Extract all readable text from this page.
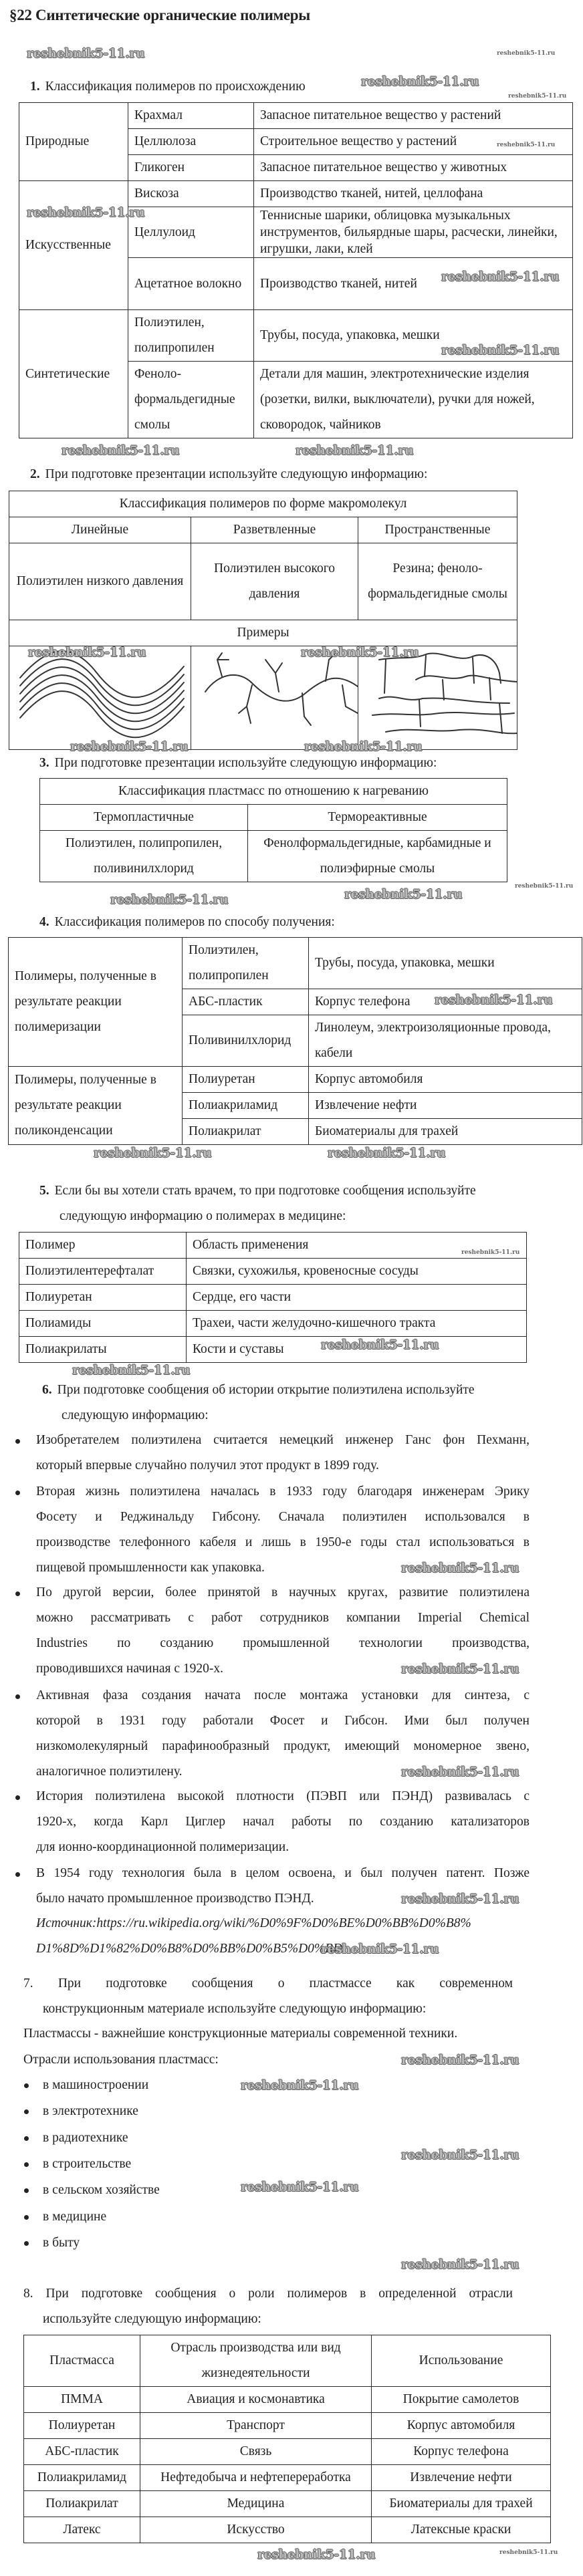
§22 Синтетические органические полимеры
1. Классификация полимеров по происхождению
Природные	Крахмал	Запасное питательное вещество у растений
	Целлюлоза	Строительное вещество у растений
	Гликоген	Запасное питательное вещество у животных
Искусственные	Вискоза	Производство тканей, нитей, целлофана
	Целлулоид	Теннисные шарики, облицовка музыкальных инструментов, бильярдные шары, расчески, линейки, игрушки, лаки, клей
	Ацетатное волокно	Производство тканей, нитей
Синтетические	Полиэтилен, полипропилен	Трубы, посуда, упаковка, мешки
	Феноло-формальдегидные смолы	Детали для машин, электротехнические изделия (розетки, вилки, выключатели), ручки для ножей, сковородок, чайников
2. При подготовке презентации используйте следующую информацию:
Классификация полимеров по форме макромолекул		
Линейные	Разветвленные	Пространственные
Полиэтилен низкого давления	Полиэтилен высокого давления	Резина; феноло-формальдегидные смолы
Примеры		

3. При подготовке презентации используйте следующую информацию:
Классификация пластмасс по отношению к нагреванию	
Термопластичные	Термореактивные
Полиэтилен, полипропилен, поливинилхлорид	Фенолформальдегидные, карбамидные и полиэфирные смолы
4. Классификация полимеров по способу получения:
Полимеры, полученные в результате реакции полимеризации	Полиэтилен, полипропилен	Трубы, посуда, упаковка, мешки
	АБС-пластик	Корпус телефона
	Поливинилхлорид	Линолеум, электроизоляционные провода, кабели
Полимеры, полученные в результате реакции поликонденсации	Полиуретан	Корпус автомобиля
	Полиакриламид	Извлечение нефти
	Полиакрилат	Биоматериалы для трахей
5. Если бы вы хотели стать врачем, то при подготовке сообщения используйте
следующую информацию о полимерах в медицине:
Полимер	Область применения
Полиэтилентерефталат	Связки, сухожилья, кровеносные сосуды
Полиуретан	Сердце, его части
Полиамиды	Трахеи, части желудочно-кишечного тракта
Полиакрилаты	Кости и суставы
6. При подготовке сообщения об истории открытие полиэтилена используйте
следующую информацию:
Изобретателем полиэтилена считается немецкий инженер Ганс фон Пехманн,
который впервые случайно получил этот продукт в 1899 году.
Вторая жизнь полиэтилена началась в 1933 году благодаря инженерам Эрику
Фосету и Реджинальду Гибсону. Сначала полиэтилен использовался в
производстве телефонного кабеля и лишь в 1950-е годы стал использоваться в
пищевой промышленности как упаковка.
По другой версии, более принятой в научных кругах, развитие полиэтилена
можно рассматривать с работ сотрудников компании Imperial Chemical
Industries по созданию промышленной технологии производства,
проводившихся начиная с 1920-х.
Активная фаза создания начата после монтажа установки для синтеза, с
которой в 1931 году работали Фосет и Гибсон. Ими был получен
низкомолекулярный парафинообразный продукт, имеющий мономерное звено,
аналогичное полиэтилену.
История полиэтилена высокой плотности (ПЭВП или ПЭНД) развивалась с
1920-х, когда Карл Циглер начал работы по созданию катализаторов
для ионно-координационной полимеризации.
В 1954 году технология была в целом освоена, и был получен патент. Позже
было начато промышленное производство ПЭНД.
Источник:https://ru.wikipedia.org/wiki/%D0%9F%D0%BE%D0%BB%D0%B8%
D1%8D%D1%82%D0%B8%D0%BB%D0%B5%D0%BD
7. При подготовке сообщения о пластмассе как современном
конструкционным материале используйте следующую информацию:
Пластмассы - важнейшие конструкционные материалы современной техники.
Отрасли использования пластмасс:
в машиностроении
в электротехнике
в радиотехнике
в строительстве
в сельском хозяйстве
в медицине
в быту
8. При подготовке сообщения о роли полимеров в определенной отрасли
используйте следующую информацию:
Пластмасса	Отрасль производства или вид жизнедеятельности	Использование
ПММА	Авиация и космонавтика	Покрытие самолетов
Полиуретан	Транспорт	Корпус автомобиля
АБС-пластик	Связь	Корпус телефона
Полиакриламид	Нефтедобыча и нефтепереработка	Извлечение нефти
Полиакрилат	Медицина	Биоматериалы для трахей
Латекс	Искусство	Латексные краски
reshebnik5-11.ru
reshebnik5-11.ru
reshebnik5-11.ru
reshebnik5-11.ru
reshebnik5-11.ru
reshebnik5-11.ru
reshebnik5-11.ru
reshebnik5-11.ru
reshebnik5-11.ru	reshebnik5-11.ru
reshebnik5-11.ru	reshebnik5-11.ru
reshebnik5-11.ru	reshebnik5-11.ru
reshebnik5-11.ru
reshebnik5-11.ru
reshebnik5-11.ru
reshebnik5-11.ru
reshebnik5-11.ru	reshebnik5-11.ru
reshebnik5-11.ru
reshebnik5-11.ru
reshebnik5-11.ru
reshebnik5-11.ru
reshebnik5-11.ru
reshebnik5-11.ru
reshebnik5-11.ru
reshebnik5-11.ru
reshebnik5-11.ru
reshebnik5-11.ru
reshebnik5-11.ru
reshebnik5-11.ru
reshebnik5-11.ru
reshebnik5-11.ru	reshebnik5-11.ru
